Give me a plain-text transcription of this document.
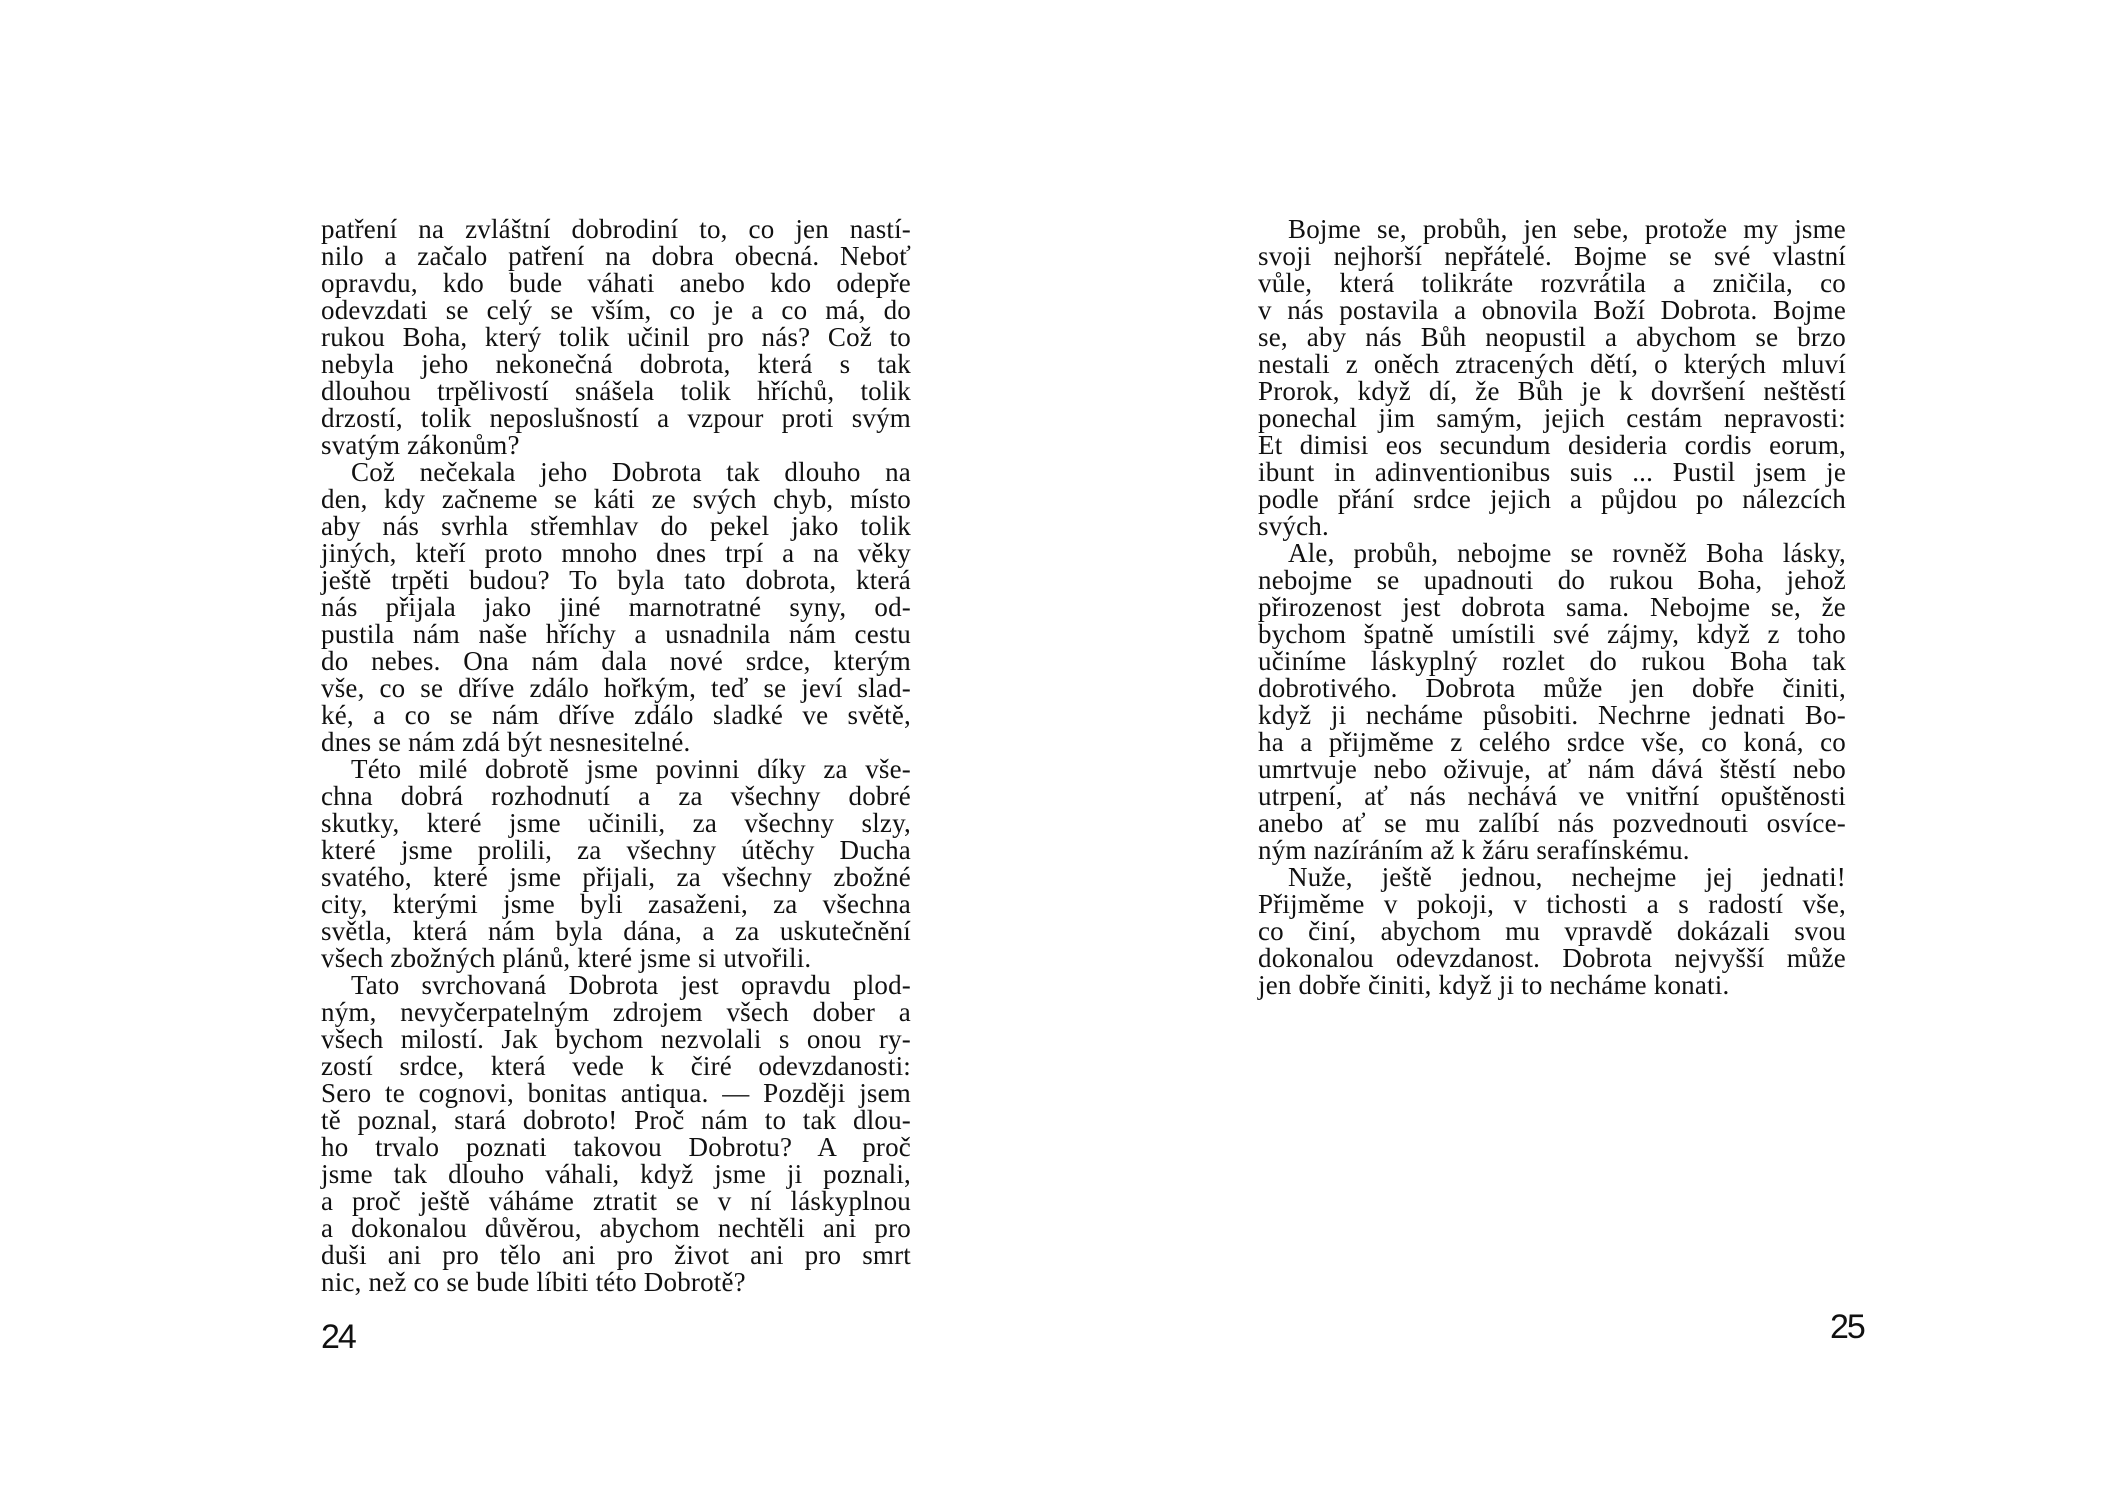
patření na zvláštní dobrodiní to, co jen nastí-
nilo a začalo patření na dobra obecná. Neboť
opravdu, kdo bude váhati anebo kdo odepře
odevzdati se celý se vším, co je a co má, do
rukou Boha, který tolik učinil pro nás? Což to
nebyla jeho nekonečná dobrota, která s tak
dlouhou trpělivostí snášela tolik hříchů, tolik
drzostí, tolik neposlušností a vzpour proti svým
svatým zákonům?
Což nečekala jeho Dobrota tak dlouho na
den, kdy začneme se káti ze svých chyb, místo
aby nás svrhla střemhlav do pekel jako tolik
jiných, kteří proto mnoho dnes trpí a na věky
ještě trpěti budou? To byla tato dobrota, která
nás přijala jako jiné marnotratné syny, od-
pustila nám naše hříchy a usnadnila nám cestu
do nebes. Ona nám dala nové srdce, kterým
vše, co se dříve zdálo hořkým, teď se jeví slad-
ké, a co se nám dříve zdálo sladké ve světě,
dnes se nám zdá být nesnesitelné.
Této milé dobrotě jsme povinni díky za vše-
chna dobrá rozhodnutí a za všechny dobré
skutky, které jsme učinili, za všechny slzy,
které jsme prolili, za všechny útěchy Ducha
svatého, které jsme přijali, za všechny zbožné
city, kterými jsme byli zasaženi, za všechna
světla, která nám byla dána, a za uskutečnění
všech zbožných plánů, které jsme si utvořili.
Tato svrchovaná Dobrota jest opravdu plod-
ným, nevyčerpatelným zdrojem všech dober a
všech milostí. Jak bychom nezvolali s onou ry-
zostí srdce, která vede k čiré odevzdanosti:
Sero te cognovi, bonitas antiqua. — Později jsem
tě poznal, stará dobroto! Proč nám to tak dlou-
ho trvalo poznati takovou Dobrotu? A proč
jsme tak dlouho váhali, když jsme ji poznali,
a proč ještě váháme ztratit se v ní láskyplnou
a dokonalou důvěrou, abychom nechtěli ani pro
duši ani pro tělo ani pro život ani pro smrt
nic, než co se bude líbiti této Dobrotě?
24
Bojme se, probůh, jen sebe, protože my jsme
svoji nejhorší nepřátelé. Bojme se své vlastní
vůle, která tolikráte rozvrátila a zničila, co
v nás postavila a obnovila Boží Dobrota. Bojme
se, aby nás Bůh neopustil a abychom se brzo
nestali z oněch ztracených dětí, o kterých mluví
Prorok, když dí, že Bůh je k dovršení neštěstí
ponechal jim samým, jejich cestám nepravosti:
Et dimisi eos secundum desideria cordis eorum,
ibunt in adinventionibus suis ... Pustil jsem je
podle přání srdce jejich a půjdou po nálezcích
svých.
Ale, probůh, nebojme se rovněž Boha lásky,
nebojme se upadnouti do rukou Boha, jehož
přirozenost jest dobrota sama. Nebojme se, že
bychom špatně umístili své zájmy, když z toho
učiníme láskyplný rozlet do rukou Boha tak
dobrotivého. Dobrota může jen dobře činiti,
když ji necháme působiti. Nechrne jednati Bo-
ha a přijměme z celého srdce vše, co koná, co
umrtvuje nebo oživuje, ať nám dává štěstí nebo
utrpení, ať nás nechává ve vnitřní opuštěnosti
anebo ať se mu zalíbí nás pozvednouti osvíce-
ným nazíráním až k žáru serafínskému.
Nuže, ještě jednou, nechejme jej jednati!
Přijměme v pokoji, v tichosti a s radostí vše,
co činí, abychom mu vpravdě dokázali svou
dokonalou odevzdanost. Dobrota nejvyšší může
jen dobře činiti, když ji to necháme konati.
25
